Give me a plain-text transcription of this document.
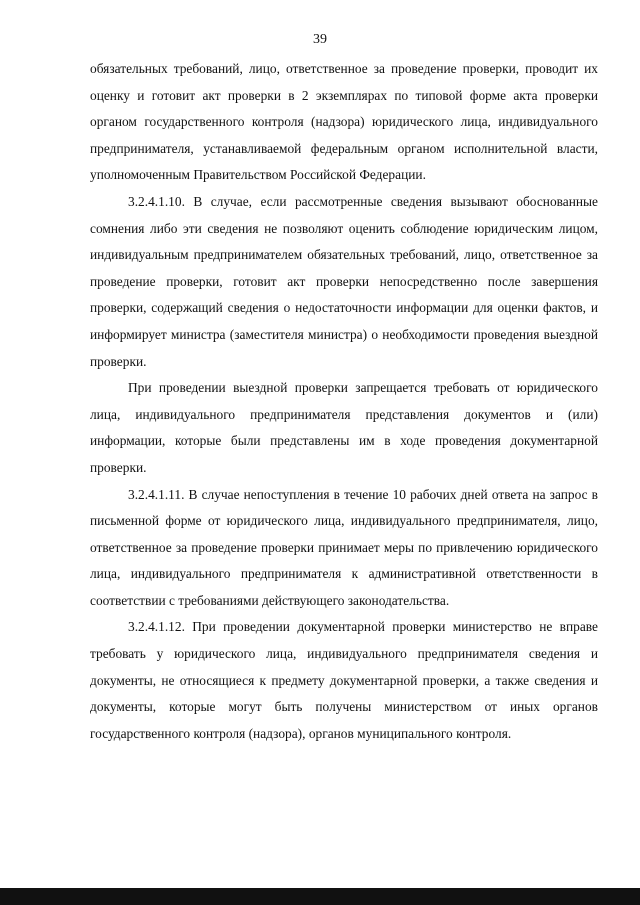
39

обязательных требований, лицо, ответственное за проведение проверки, проводит их оценку и готовит акт проверки в 2 экземплярах по типовой форме акта проверки органом государственного контроля (надзора) юридического лица, индивидуального предпринимателя, устанавливаемой федеральным органом исполнительной власти, уполномоченным Правительством Российской Федерации.

3.2.4.1.10. В случае, если рассмотренные сведения вызывают обоснованные сомнения либо эти сведения не позволяют оценить соблюдение юридическим лицом, индивидуальным предпринимателем обязательных требований, лицо, ответственное за проведение проверки, готовит акт проверки непосредственно после завершения проверки, содержащий сведения о недостаточности информации для оценки фактов, и информирует министра (заместителя министра) о необходимости проведения выездной проверки.

При проведении выездной проверки запрещается требовать от юридического лица, индивидуального предпринимателя представления документов и (или) информации, которые были представлены им в ходе проведения документарной проверки.

3.2.4.1.11. В случае непоступления в течение 10 рабочих дней ответа на запрос в письменной форме от юридического лица, индивидуального предпринимателя, лицо, ответственное за проведение проверки принимает меры по привлечению юридического лица, индивидуального предпринимателя к административной ответственности в соответствии с требованиями действующего законодательства.

3.2.4.1.12. При проведении документарной проверки министерство не вправе требовать у юридического лица, индивидуального предпринимателя сведения и документы, не относящиеся к предмету документарной проверки, а также сведения и документы, которые могут быть получены министерством от иных органов государственного контроля (надзора), органов муниципального контроля.
